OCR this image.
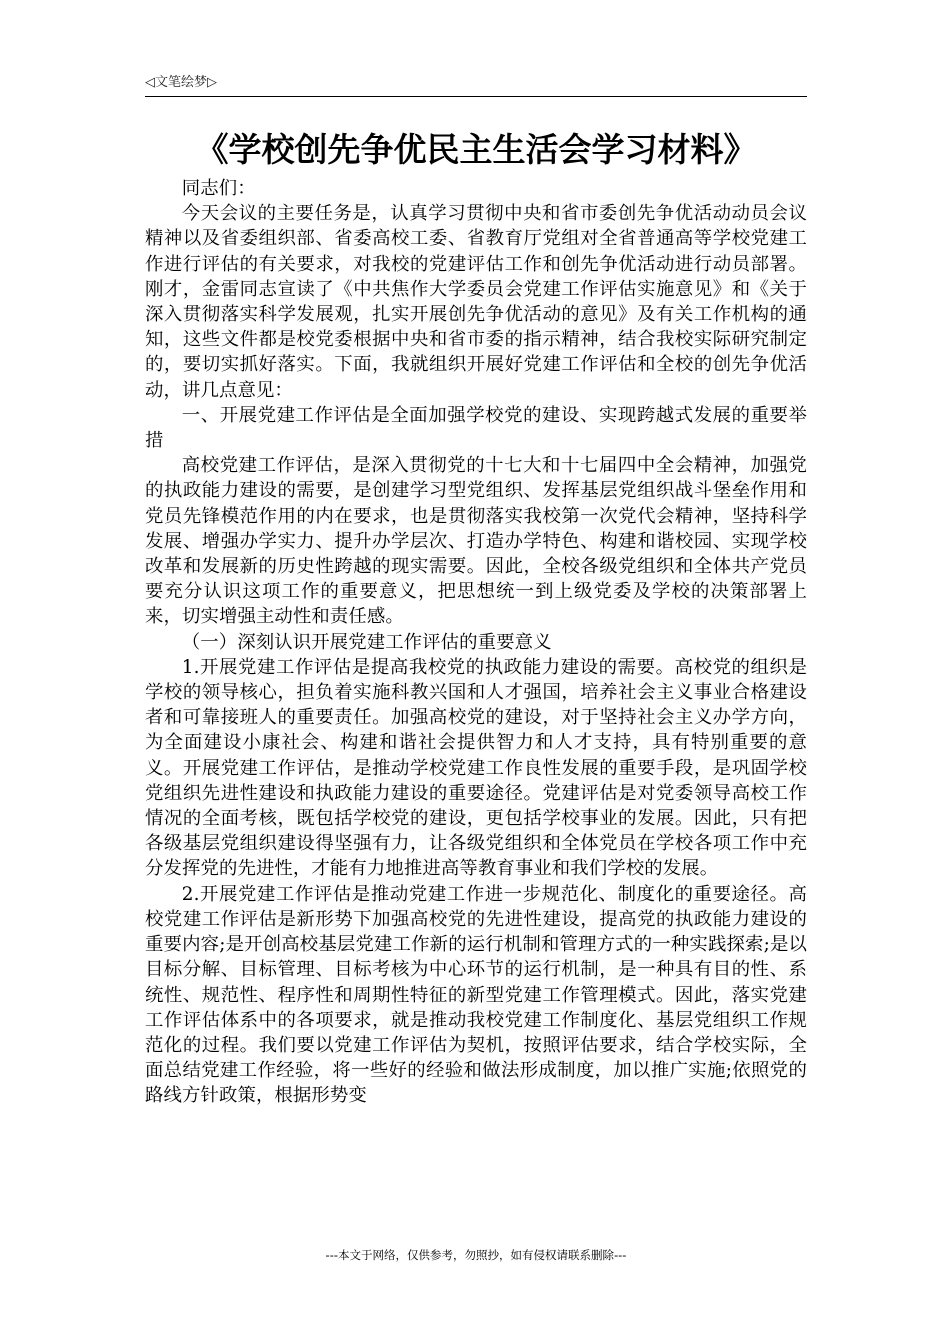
◁文笔绘梦▷
《学校创先争优民主生活会学习材料》

同志们：

今天会议的主要任务是，认真学习贯彻中央和省市委创先争优活动动员会议精神以及省委组织部、省委高校工委、省教育厅党组对全省普通高等学校党建工作进行评估的有关要求，对我校的党建评估工作和创先争优活动进行动员部署。刚才，金雷同志宣读了《中共焦作大学委员会党建工作评估实施意见》和《关于深入贯彻落实科学发展观，扎实开展创先争优活动的意见》及有关工作机构的通知，这些文件都是校党委根据中央和省市委的指示精神，结合我校实际研究制定的，要切实抓好落实。下面，我就组织开展好党建工作评估和全校的创先争优活动，讲几点意见：

一、开展党建工作评估是全面加强学校党的建设、实现跨越式发展的重要举措

高校党建工作评估，是深入贯彻党的十七大和十七届四中全会精神，加强党的执政能力建设的需要，是创建学习型党组织、发挥基层党组织战斗堡垒作用和党员先锋模范作用的内在要求，也是贯彻落实我校第一次党代会精神，坚持科学发展、增强办学实力、提升办学层次、打造办学特色、构建和谐校园、实现学校改革和发展新的历史性跨越的现实需要。因此，全校各级党组织和全体共产党员要充分认识这项工作的重要意义，把思想统一到上级党委及学校的决策部署上来，切实增强主动性和责任感。

（一）深刻认识开展党建工作评估的重要意义

1.开展党建工作评估是提高我校党的执政能力建设的需要。高校党的组织是学校的领导核心，担负着实施科教兴国和人才强国，培养社会主义事业合格建设者和可靠接班人的重要责任。加强高校党的建设，对于坚持社会主义办学方向，为全面建设小康社会、构建和谐社会提供智力和人才支持，具有特别重要的意义。开展党建工作评估，是推动学校党建工作良性发展的重要手段，是巩固学校党组织先进性建设和执政能力建设的重要途径。党建评估是对党委领导高校工作情况的全面考核，既包括学校党的建设，更包括学校事业的发展。因此，只有把各级基层党组织建设得坚强有力，让各级党组织和全体党员在学校各项工作中充分发挥党的先进性，才能有力地推进高等教育事业和我们学校的发展。

2.开展党建工作评估是推动党建工作进一步规范化、制度化的重要途径。高校党建工作评估是新形势下加强高校党的先进性建设，提高党的执政能力建设的重要内容;是开创高校基层党建工作新的运行机制和管理方式的一种实践探索;是以目标分解、目标管理、目标考核为中心环节的运行机制，是一种具有目的性、系统性、规范性、程序性和周期性特征的新型党建工作管理模式。因此，落实党建工作评估体系中的各项要求，就是推动我校党建工作制度化、基层党组织工作规范化的过程。我们要以党建工作评估为契机，按照评估要求，结合学校实际，全面总结党建工作经验，将一些好的经验和做法形成制度，加以推广实施;依照党的路线方针政策，根据形势变

---本文于网络，仅供参考，勿照抄，如有侵权请联系删除---
